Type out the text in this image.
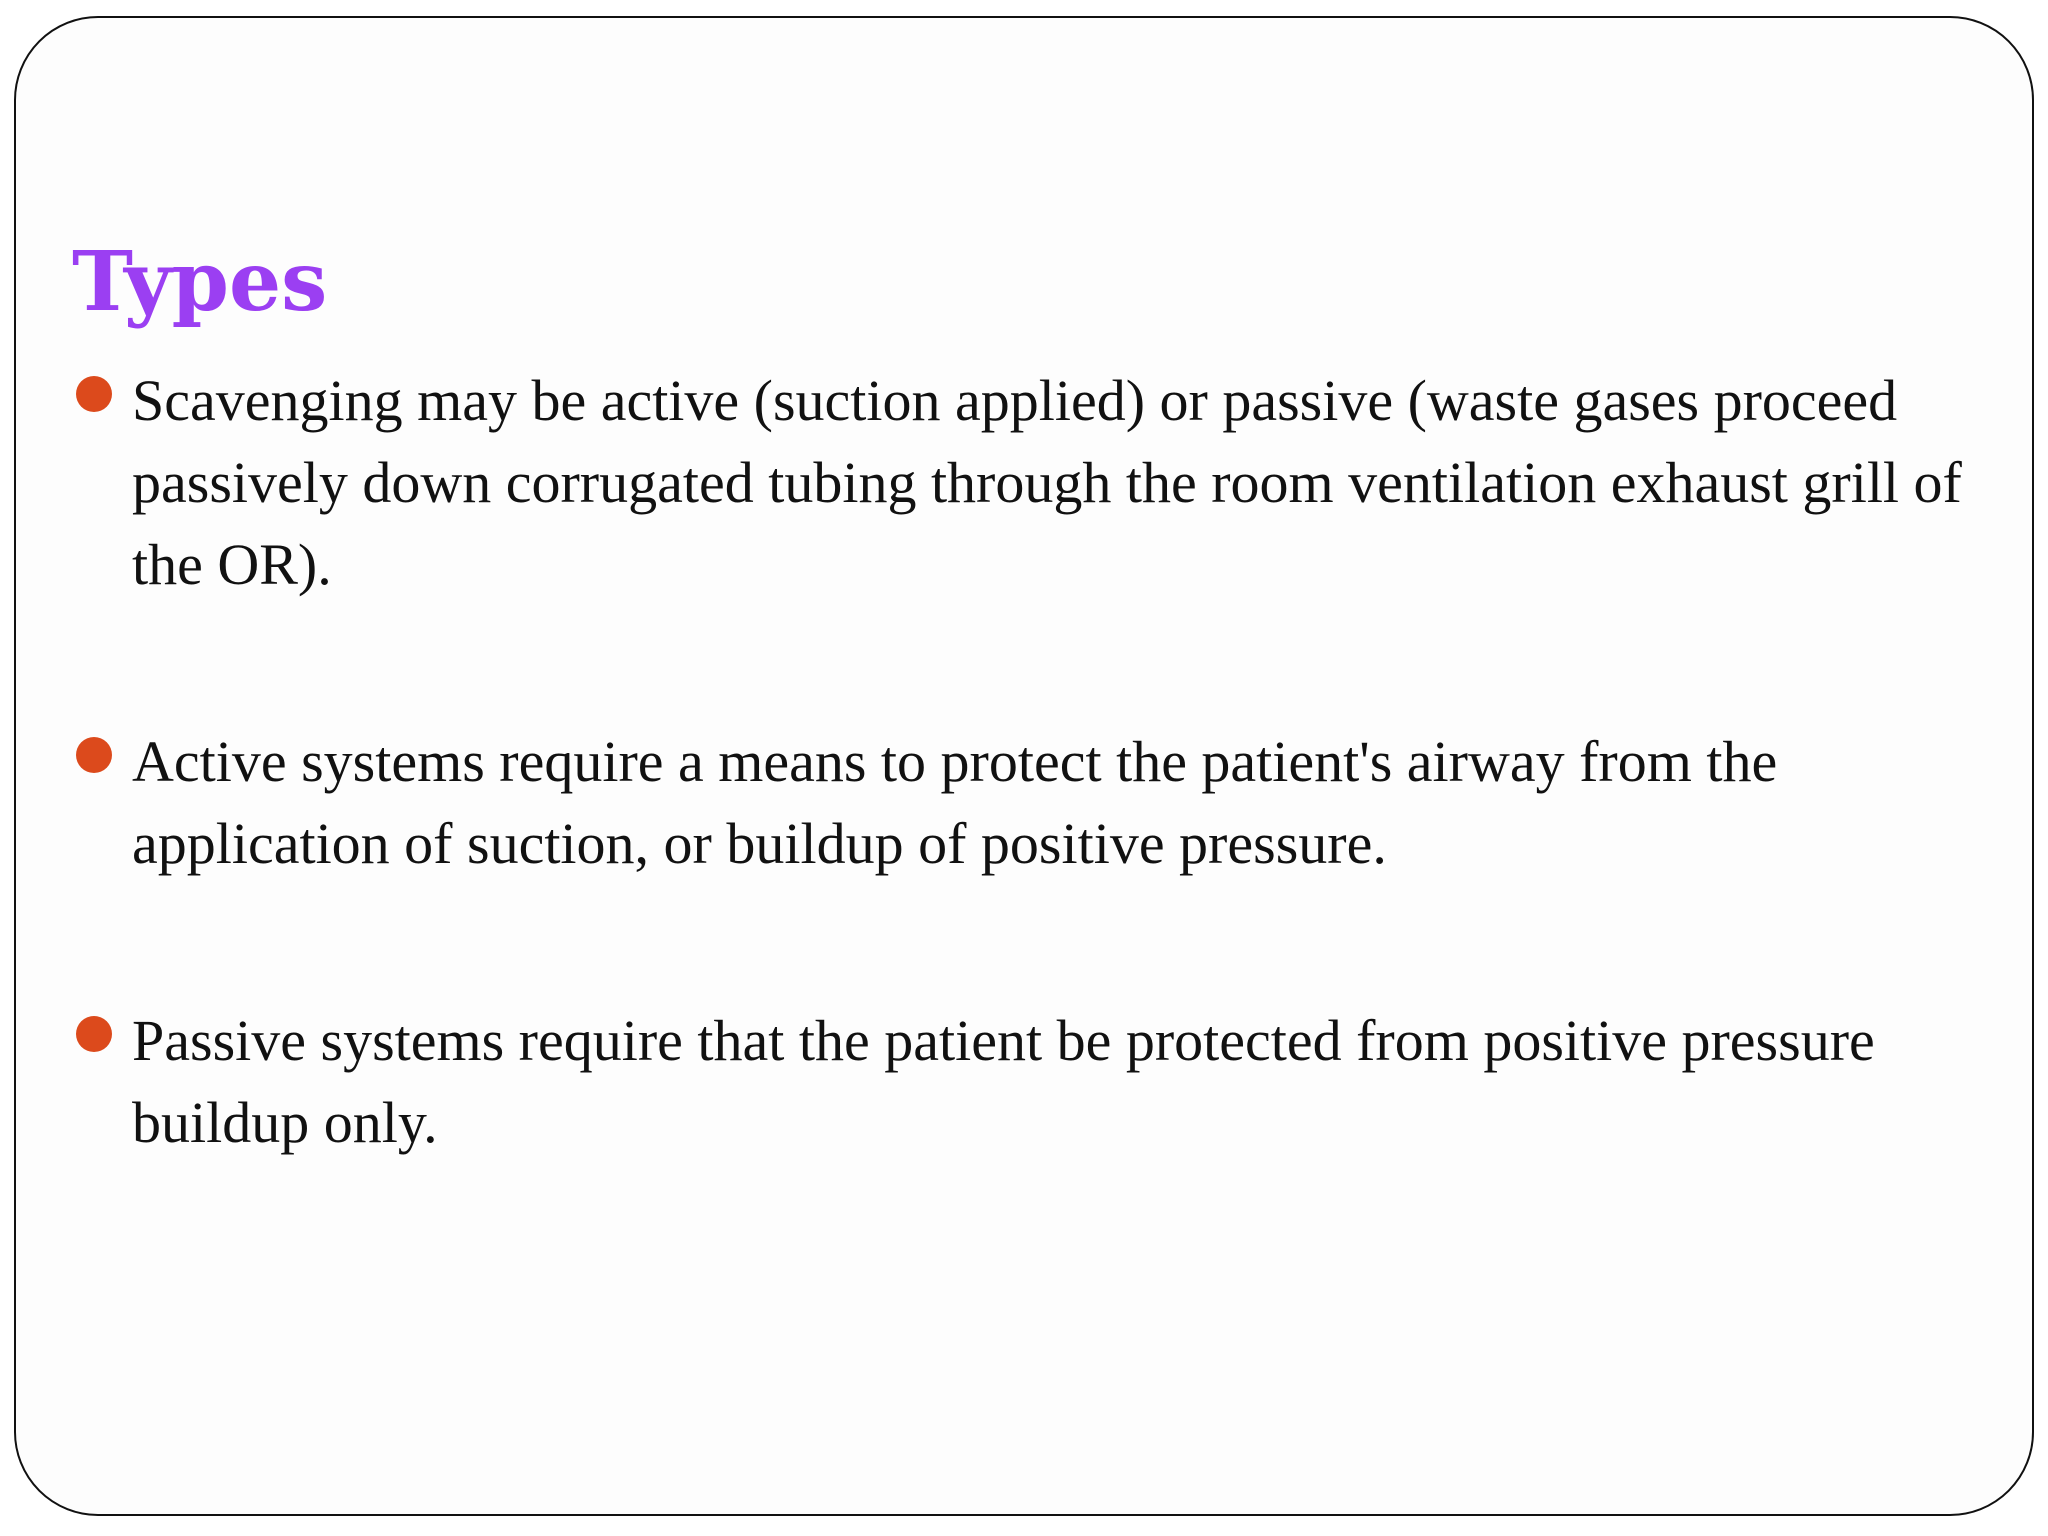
Types
Scavenging may be active (suction applied) or passive (waste gases proceed passively down corrugated tubing through the room ventilation exhaust grill of the OR).
Active systems require a means to protect the patient's airway from the application of suction, or buildup of positive pressure.
Passive systems require that the patient be protected from positive pressure buildup only.
